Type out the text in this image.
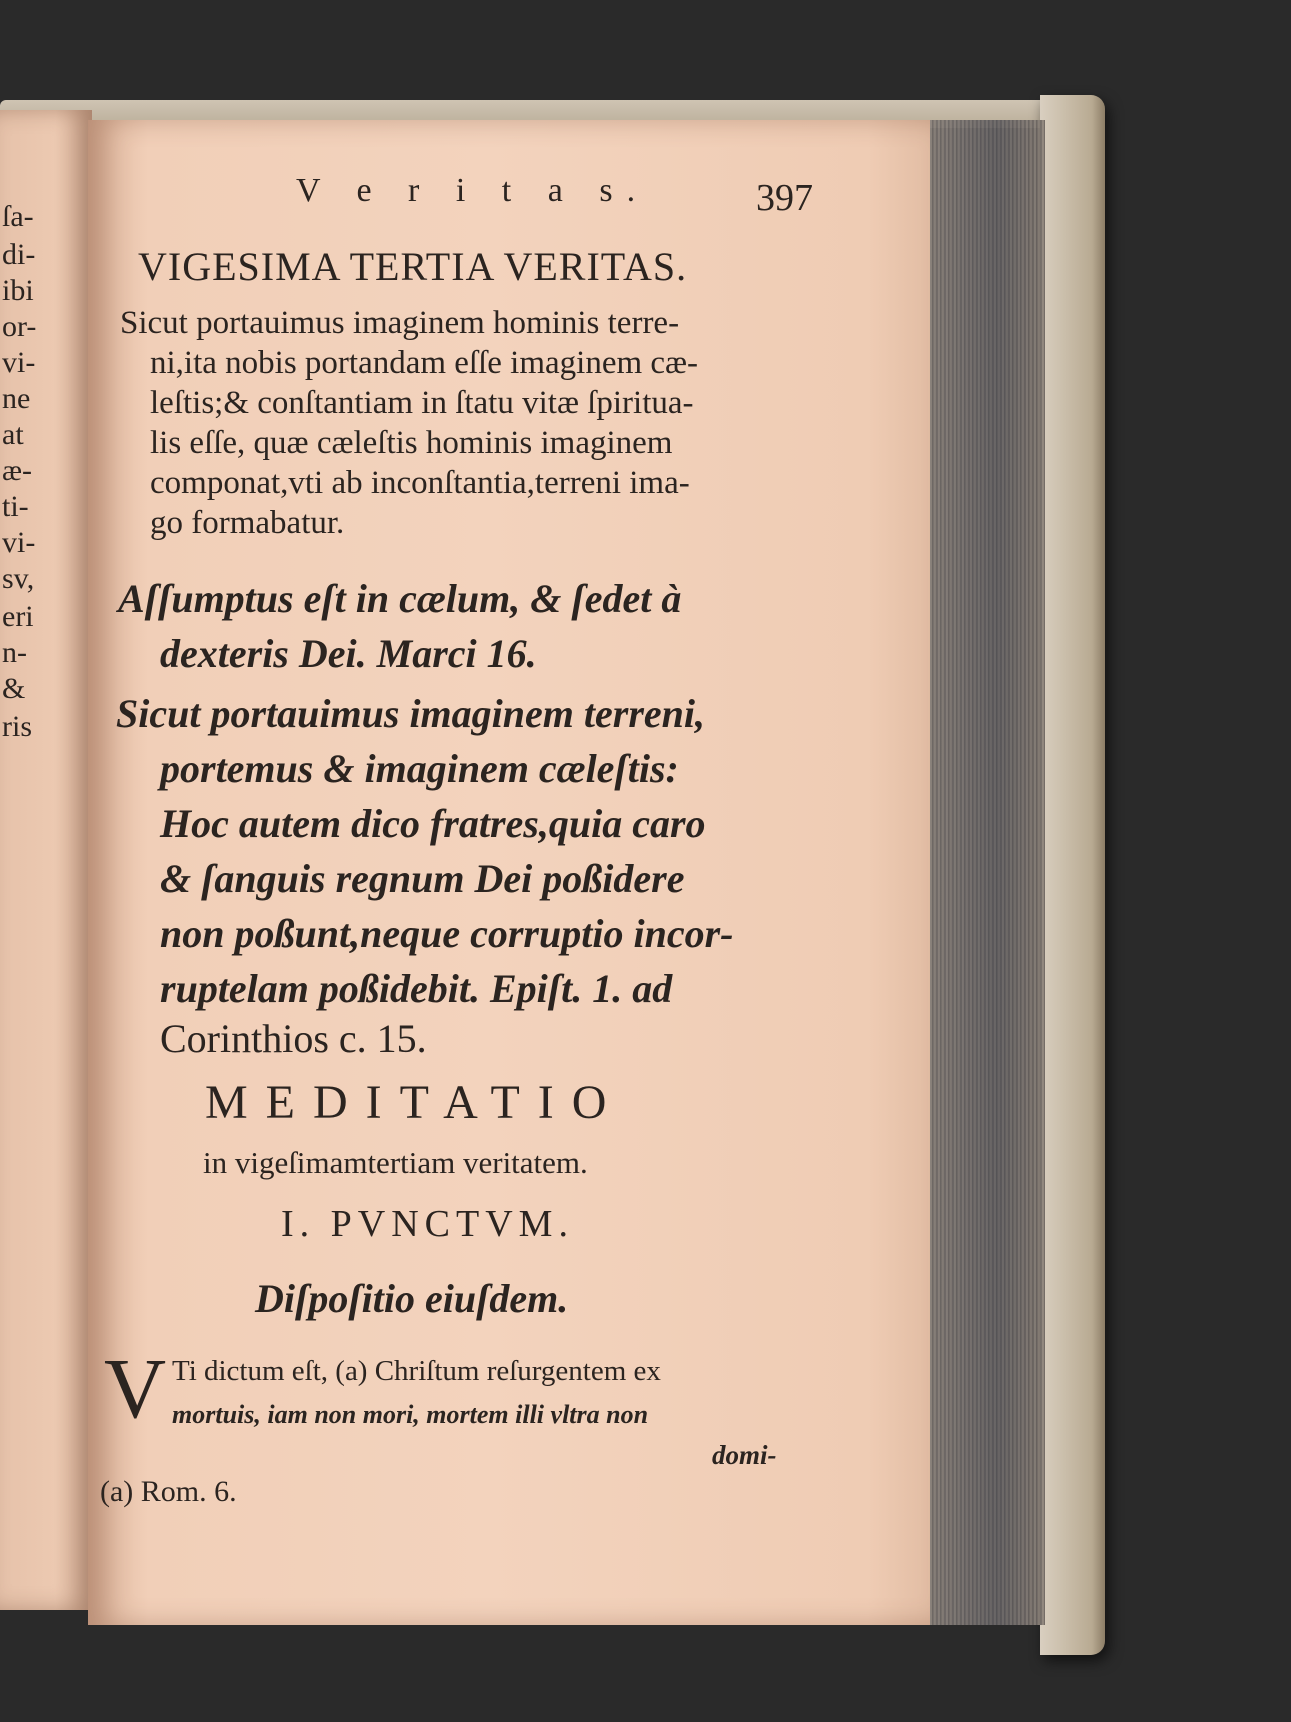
ſa-
di-
ibi
or-
vi-
ne
at
æ-
ti-
vi-
sv,
eri
n-
&
ris
V e r i t a s.	397
VIGESIMA TERTIA VERITAS.
Sicut portauimus imaginem hominis terre-
ni,ita nobis portandam eſſe imaginem cæ-
leſtis;& conſtantiam in ſtatu vitæ ſpiritua-
lis eſſe, quæ cæleſtis hominis imaginem
componat,vti ab inconſtantia,terreni ima-
go formabatur.
Aſſumptus eſt in cælum, & ſedet à
dexteris Dei. Marci 16.
Sicut portauimus imaginem terreni,
portemus & imaginem cæleſtis:
Hoc autem dico fratres,quia caro
& ſanguis regnum Dei poßidere
non poßunt,neque corruptio incor-
ruptelam poßidebit. Epiſt. 1. ad
Corinthios c. 15.
MEDITATIO
in vigeſimamtertiam veritatem.
I. PVNCTVM.
Diſpoſitio eiuſdem.
V Ti dictum eſt, (a) Chriſtum reſurgentem ex
mortuis, iam non mori, mortem illi vltra non
domi-
(a) Rom. 6.
